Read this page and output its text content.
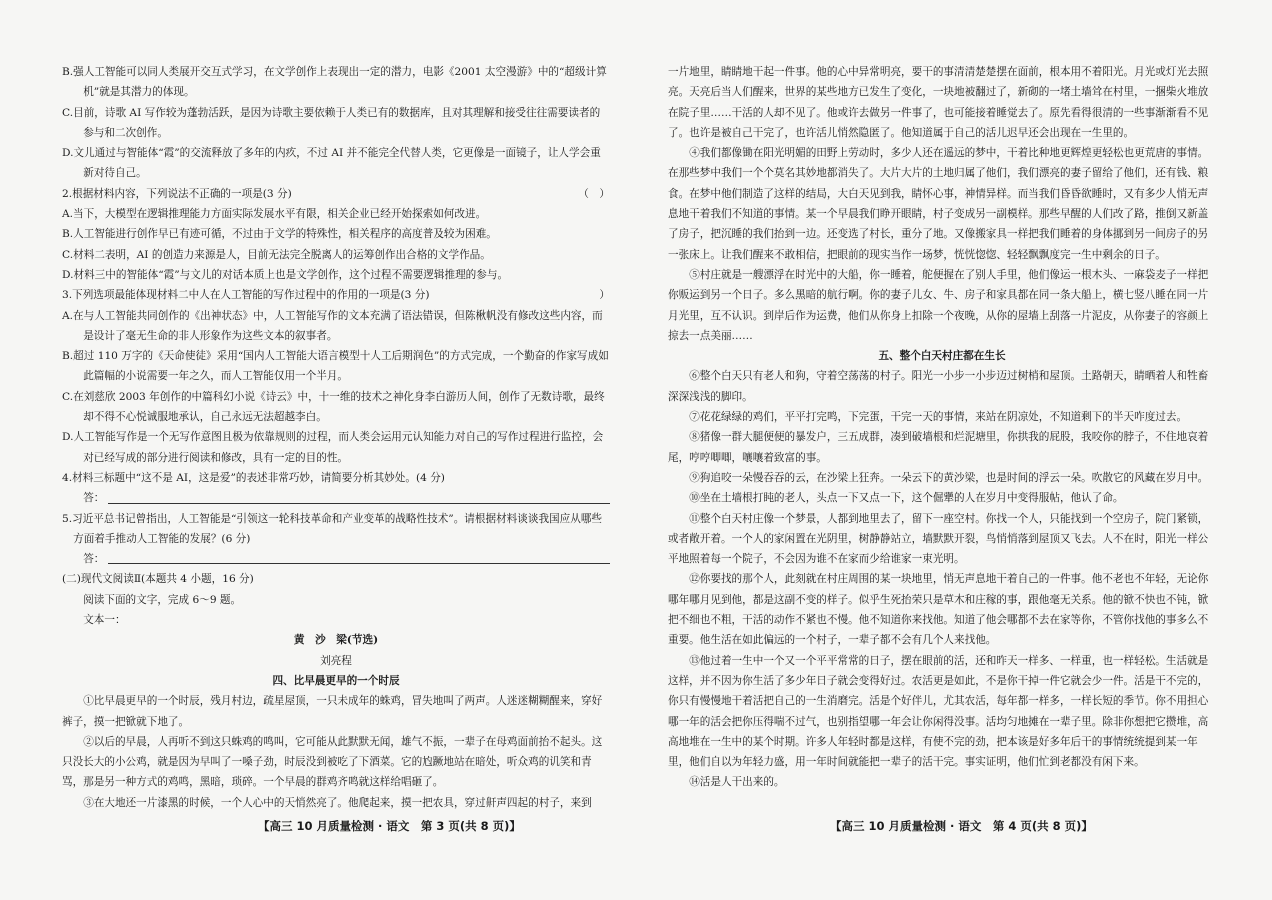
B.强人工智能可以同人类展开交互式学习，在文学创作上表现出一定的潜力，电影《2001 太空漫游》中的“超级计算机”就是其潜力的体现。

C.目前，诗歌 AI 写作较为蓬勃活跃，是因为诗歌主要依赖于人类已有的数据库，且对其理解和接受往往需要读者的参与和二次创作。

D.文儿通过与智能体“霞”的交流释放了多年的内疚，不过 AI 并不能完全代替人类，它更像是一面镜子，让人学会重新对待自己。

2.根据材料内容，下列说法不正确的一项是(3 分)	（　）

A.当下，大模型在逻辑推理能力方面实际发展水平有限，相关企业已经开始探索如何改进。

B.人工智能进行创作早已有迹可循，不过由于文学的特殊性，相关程序的高度普及较为困难。

C.材料二表明，AI 的创造力来源是人，目前无法完全脱离人的运筹创作出合格的文学作品。

D.材料三中的智能体“霞”与文儿的对话本质上也是文学创作，这个过程不需要逻辑推理的参与。

3.下列选项最能体现材料二中人在人工智能的写作过程中的作用的一项是(3 分)	）

A.在与人工智能共同创作的《出神状态》中，人工智能写作的文本充满了语法错误，但陈楸帆没有修改这些内容，而是设计了毫无生命的非人形象作为这些文本的叙事者。

B.超过 110 万字的《天命使徒》采用“国内人工智能大语言模型十人工后期润色”的方式完成，一个勤奋的作家写成如此篇幅的小说需要一年之久，而人工智能仅用一个半月。

C.在刘慈欣 2003 年创作的中篇科幻小说《诗云》中，十一维的技术之神化身李白游历人间，创作了无数诗歌，最终却不得不心悦诚服地承认，自己永远无法超越李白。

D.人工智能写作是一个无写作意图且极为依靠规则的过程，而人类会运用元认知能力对自己的写作过程进行监控，会对已经写成的部分进行阅读和修改，具有一定的目的性。

4.材料三标题中“这不是 AI，这是爱”的表述非常巧妙，请简要分析其妙处。(4 分)

答：

5.习近平总书记曾指出，人工智能是“引领这一轮科技革命和产业变革的战略性技术”。请根据材料谈谈我国应从哪些方面着手推动人工智能的发展？(6 分)

答：

(二)现代文阅读Ⅱ(本题共 4 小题，16 分)

阅读下面的文字，完成 6～9 题。

文本一：

黄　沙　梁(节选)

刘亮程

四、比早晨更早的一个时辰

①比早晨更早的一个时辰，残月村边，疏星屋顶，一只未成年的蛛鸡，冒失地叫了两声。人迷迷糊糊醒来，穿好裤子，摸一把锨就下地了。

②以后的早晨，人再听不到这只蛛鸡的鸣叫，它可能从此默默无闻，雄气不振，一辈子在母鸡面前抬不起头。这只没长大的小公鸡，就是因为早叫了一嗓子劲，时辰没到被吃了下酒菜。它的尥蹶地站在暗处，听众鸡的讥笑和青骂，那是另一种方式的鸡鸣，黑暗，琐碎。一个早晨的群鸡齐鸣就这样给唱砸了。

③在大地还一片漆黑的时候，一个人心中的天悄然亮了。他爬起来，摸一把农具，穿过鼾声四起的村子，来到

一片地里，睛睛地干起一件事。他的心中异常明亮，要干的事清清楚楚摆在面前，根本用不着阳光。月光或灯光去照亮。天亮后当人们醒来，世界的某些地方已发生了变化，一块地被翻过了，新砌的一堵土墙耸在村里，一捆柴火堆放在院子里……干活的人却不见了。他或许去做另一件事了，也可能接着睡觉去了。原先看得很清的一些事渐渐看不见了。也许是被自己干完了，也许活儿悄然隐匿了。他知道属于自己的活儿迟早还会出现在一生里的。

④我们都像锄在阳光明媚的田野上劳动时，多少人还在遥远的梦中，干着比种地更辉煌更轻松也更荒唐的事情。在那些梦中我们一个个莫名其妙地都消失了。大片大片的土地归属了他们，我们漂亮的妻子留给了他们，还有钱、粮食。在梦中他们制造了这样的结局，大白天见到我，睛怀心事，神情异样。而当我们昏昏欲睡时，又有多少人悄无声息地干着我们不知道的事情。某一个早晨我们睁开眼睛，村子变成另一副模样。那些早醒的人们改了路，推倒又新盖了房子，把沉睡的我们抬到一边。还变选了村长，重分了地。又像搬家具一样把我们睡着的身体挪到另一间房子的另一张床上。让我们醒来不敢相信，把眼前的现实当作一场梦，恍恍惚惚、轻轻飘飘度完一生中剩余的日子。

⑤村庄就是一艘漂浮在时光中的大船，你一睡着，舵便握在了别人手里，他们像运一根木头、一麻袋麦子一样把你贩运到另一个日子。多么黑暗的航行啊。你的妻子儿女、牛、房子和家具都在同一条大船上，横七竖八睡在同一片月光里，互不认识。到岸后作为运费，他们从你身上扣除一个夜晚，从你的屋墙上刮落一片泥皮，从你妻子的容颜上掠去一点美丽……

五、整个白天村庄都在生长

⑥整个白天只有老人和狗，守着空荡荡的村子。阳光一小步一小步迈过树梢和屋顶。土路朝天，睛晒着人和牲畜深深浅浅的脚印。

⑦花花绿绿的鸡们，平平打完鸣，下完蛋，干完一天的事情，来站在阴凉处，不知道剩下的半天咋度过去。

⑧猪像一群大腿便便的暴发户，三五成群，凑到破墙根和烂泥塘里，你拱我的屁股，我咬你的脖子，不住地哀着尾，哼哼唧唧，嚷嚷着致富的事。

⑨狗追咬一朵慢吞吞的云，在沙梁上狂奔。一朵云下的黄沙梁，也是时间的浮云一朵。吹散它的风藏在岁月中。

⑩坐在土墙根打盹的老人，头点一下又点一下，这个倔犟的人在岁月中变得服帖，他认了命。

⑪整个白天村庄像一个梦景，人都到地里去了，留下一座空村。你找一个人，只能找到一个空房子，院门紧锁，或者敞开着。一个人的家闲置在光阴里，树静静站立，墙默默开裂，鸟悄悄落到屋顶又飞去。人不在时，阳光一样公平地照着每一个院子，不会因为谁不在家而少给谁家一束光明。

⑫你要找的那个人，此刻就在村庄周围的某一块地里，悄无声息地干着自己的一件事。他不老也不年轻，无论你哪年哪月见到他，都是这副不变的样子。似乎生死抬荣只是草木和庄稼的事，跟他毫无关系。他的锨不快也不钝，锨把不细也不粗，干活的动作不紧也不慢。他不知道你来找他。知道了他会哪都不去在家等你，不管你找他的事多么不重要。他生活在如此偏远的一个村子，一辈子都不会有几个人来找他。

⑬他过着一生中一个又一个平平常常的日子，摆在眼前的活，还和昨天一样多、一样重，也一样轻松。生活就是这样，并不因为你生活了多少年日子就会变得好过。农活更是如此，不是你干掉一件它就会少一件。活是干不完的，你只有慢慢地干着活把自己的一生消磨完。活是个好伴儿，尤其农活，每年都一样多，一样长短的季节。你不用担心哪一年的活会把你压得喘不过气，也别指望哪一年会让你闲得没事。活均匀地摊在一辈子里。除非你想把它攒堆，高高地堆在一生中的某个时期。许多人年轻时都是这样，有使不完的劲，把本该是好多年后干的事情统统提到某一年里，他们自以为年轻力盛，用一年时间就能把一辈子的活干完。事实证明，他们忙到老都没有闲下来。

⑭活是人干出来的。

【高三 10 月质量检测 · 语文　第 3 页(共 8 页)】	【高三 10 月质量检测 · 语文　第 4 页(共 8 页)】
